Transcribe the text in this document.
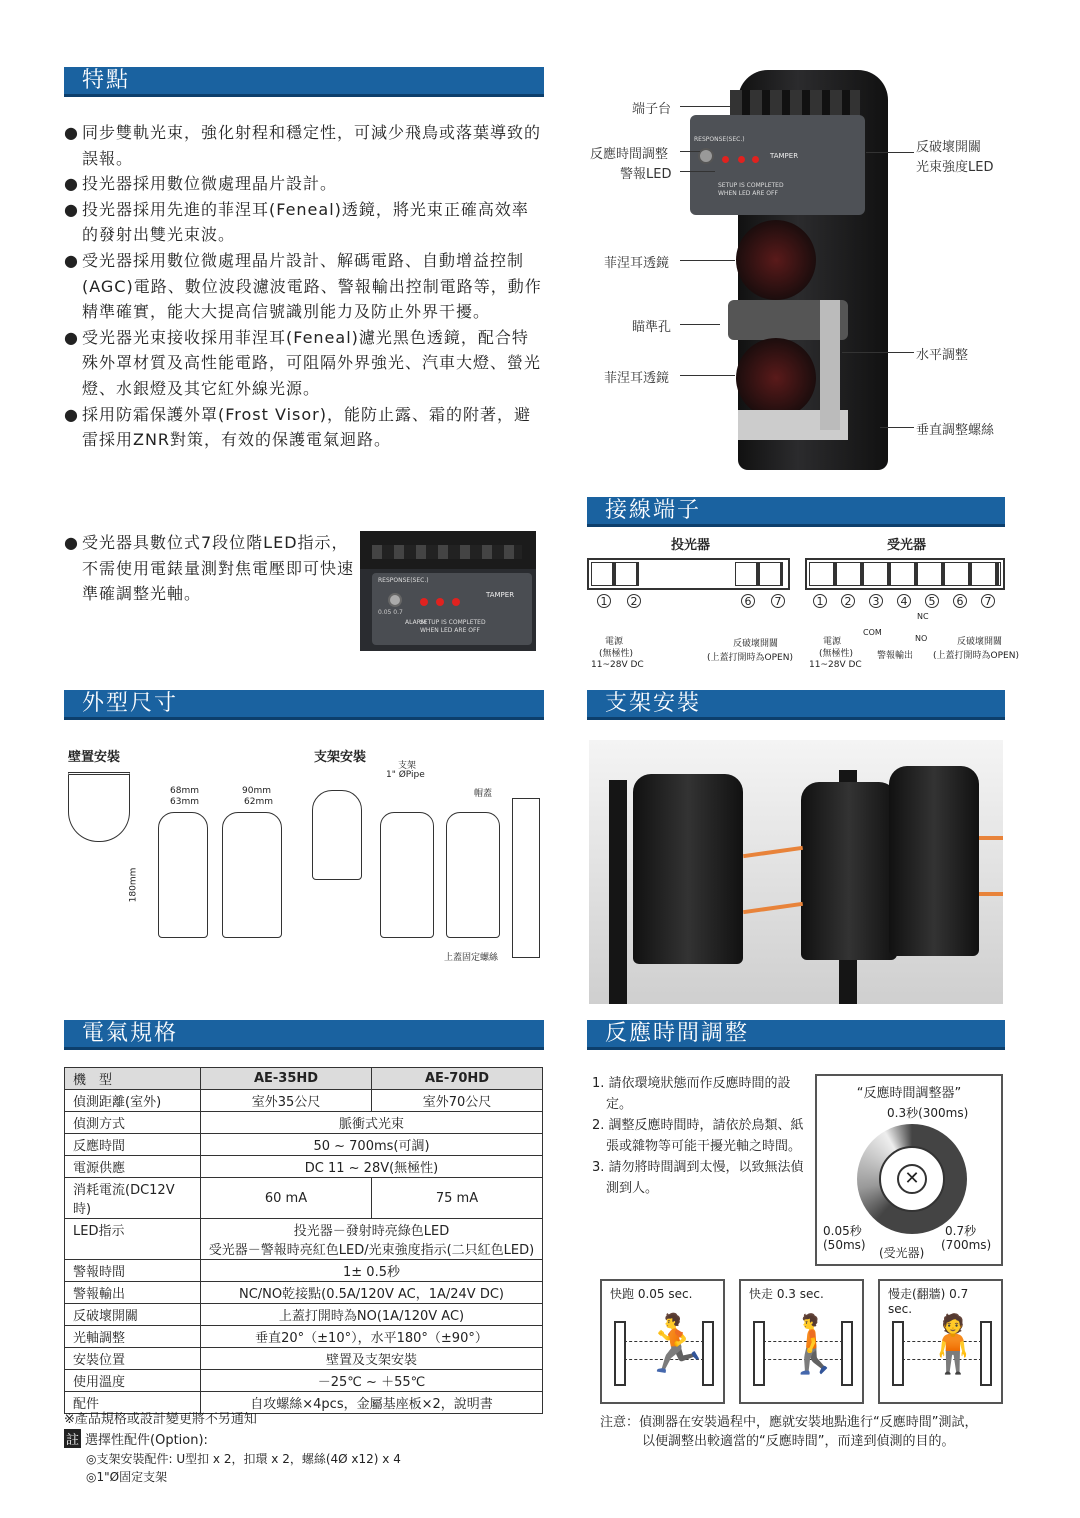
特點
接線端子
外型尺寸	支架安裝
電氣規格	反應時間調整
● 同步雙軌光束，強化射程和穩定性，可減少飛鳥或落葉導致的誤報。
● 投光器採用數位微處理晶片設計。
● 投光器採用先進的菲涅耳(Feneal)透鏡，將光束正確高效率的發射出雙光束波。
● 受光器採用數位微處理晶片設計、解碼電路、自動增益控制(AGC)電路、數位波段濾波電路、警報輸出控制電路等，動作精準確實，能大大提高信號識別能力及防止外界干擾。
● 受光器光束接收採用菲涅耳(Feneal)濾光黑色透鏡，配合特殊外罩材質及高性能電路，可阻隔外界強光、汽車大燈、螢光燈、水銀燈及其它紅外線光源。
● 採用防霜保護外罩(Frost Visor)，能防止露、霜的附著，避雷採用ZNR對策，有效的保護電氣迴路。
● 受光器具數位式7段位階LED指示，不需使用電錶量測對焦電壓即可快速準確調整光軸。
RESPONSE(SEC.)
TAMPER
0.05 0.7
SETUP IS COMPLETED
WHEN LED ARE OFF
ALARM
TAMPER
RESPONSE(SEC.)
SETUP IS COMPLETED
WHEN LED ARE OFF
端子台
反應時間調整
警報LED
菲涅耳透鏡
瞄準孔
菲涅耳透鏡
反破壞開關
光束強度LED
水平調整
垂直調整螺絲
投光器	受光器
1	2	6	7	1	2	3	4	5	6	7
電源
(無極性)
11~28V DC
反破壞開關
(上蓋打開時為OPEN)
電源
(無極性)
11~28V DC
COM
NC
NO
警報輸出
反破壞開關
(上蓋打開時為OPEN)
壁置安裝	支架安裝
68mm
63mm
90mm
62mm
180mm
支架
1" ØPipe
帽蓋
上蓋固定螺絲
機　型	AE-35HD	AE-70HD
偵測距離(室外)	室外35公尺	室外70公尺
偵測方式	脈衝式光束	
反應時間	50 ~ 700ms(可調)	
電源供應	DC 11 ~ 28V(無極性)	
消耗電流(DC12V時)	60 mA	75 mA
LED指示	投光器－發射時亮綠色LED
受光器－警報時亮紅色LED/光束強度指示(二只紅色LED)	

警報時間	1± 0.5秒	
警報輸出	NC/NO乾接點(0.5A/120V AC，1A/24V DC)	
反破壞開關	上蓋打開時為NO(1A/120V AC)	
光軸調整	垂直20°（±10°），水平180°（±90°）	
安裝位置	壁置及支架安裝	
使用溫度	－25℃ ~ ＋55℃	
配件	自攻螺絲×4pcs，金屬基座板×2，說明書	
※產品規格或設計變更將不另通知
註 選擇性配件(Option):
◎支架安裝配件: U型扣 x 2，扣環 x 2，螺絲(4Ø x12) x 4
◎1"Ø固定支架
1. 請依環境狀態而作反應時間的設定。
2. 調整反應時間時，請依於鳥類、紙張或雜物等可能干擾光軸之時間。
3. 請勿將時間調到太慢，以致無法偵測到人。
“反應時間調整器”
0.3秒(300ms)
✕
0.05秒
(50ms)
0.7秒
(700ms)
(受光器)
快跑 0.05 sec.
🏃
快走 0.3 sec.
🚶
慢走(翻牆) 0.7 sec.
🧍
注意：偵測器在安裝過程中，應就安裝地點進行“反應時間”測試，
以便調整出較適當的“反應時間”，而達到偵測的目的。
